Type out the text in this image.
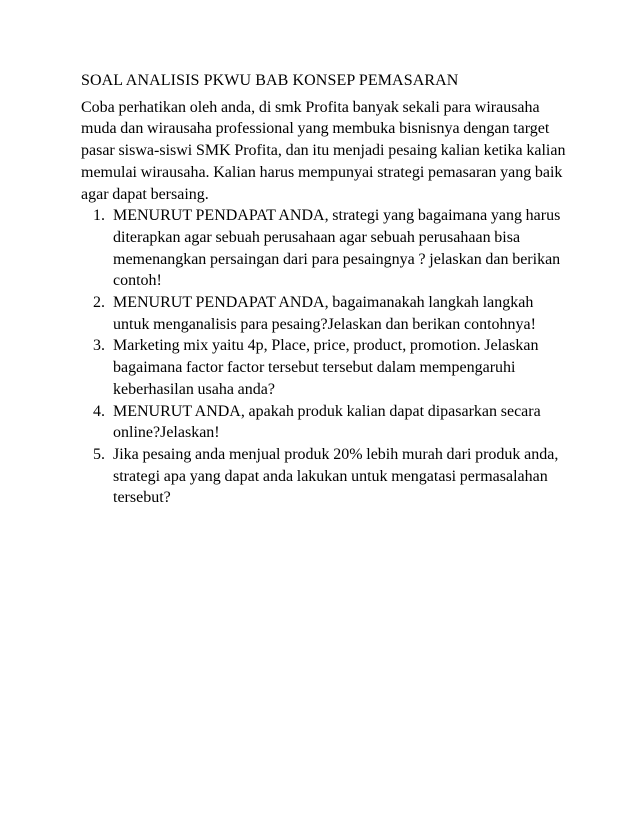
SOAL ANALISIS PKWU BAB KONSEP PEMASARAN

Coba perhatikan oleh anda, di smk Profita banyak sekali para wirausaha muda dan wirausaha professional yang membuka bisnisnya dengan target pasar siswa-siswi SMK Profita, dan itu menjadi pesaing kalian ketika kalian memulai wirausaha. Kalian harus mempunyai strategi pemasaran yang baik agar dapat bersaing.

1. MENURUT PENDAPAT ANDA, strategi yang bagaimana yang harus diterapkan agar sebuah perusahaan agar sebuah perusahaan bisa memenangkan persaingan dari para pesaingnya ? jelaskan dan berikan contoh!
2. MENURUT PENDAPAT ANDA, bagaimanakah langkah langkah untuk menganalisis para pesaing?Jelaskan dan berikan contohnya!
3. Marketing mix yaitu 4p, Place, price, product, promotion. Jelaskan bagaimana factor factor tersebut tersebut dalam mempengaruhi keberhasilan usaha anda?
4. MENURUT ANDA, apakah produk kalian dapat dipasarkan secara online?Jelaskan!
5. Jika pesaing anda menjual produk 20% lebih murah dari produk anda, strategi apa yang dapat anda lakukan untuk mengatasi permasalahan tersebut?
